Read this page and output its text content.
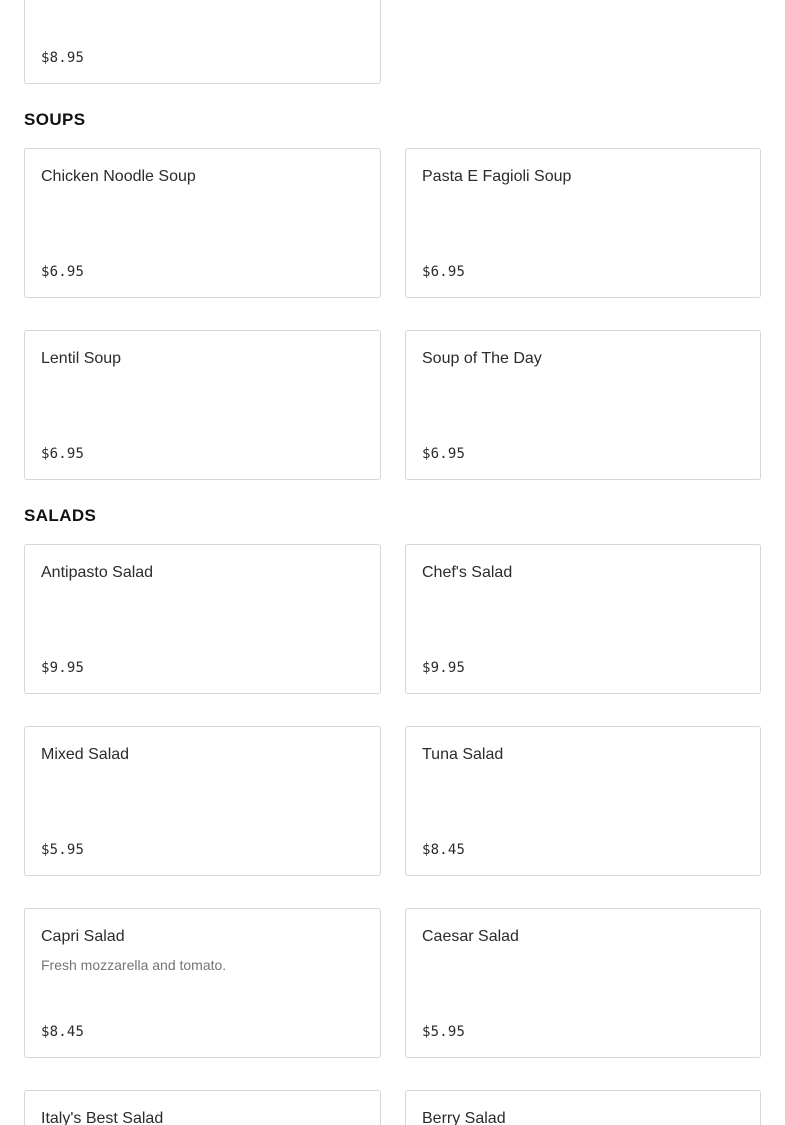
$8.95
SOUPS
Chicken Noodle Soup
$6.95
Pasta E Fagioli Soup
$6.95
Lentil Soup
$6.95
Soup of The Day
$6.95
SALADS
Antipasto Salad
$9.95
Chef's Salad
$9.95
Mixed Salad
$5.95
Tuna Salad
$8.45
Capri Salad
Fresh mozzarella and tomato.
$8.45
Caesar Salad
$5.95
Italy's Best Salad	Berry Salad
